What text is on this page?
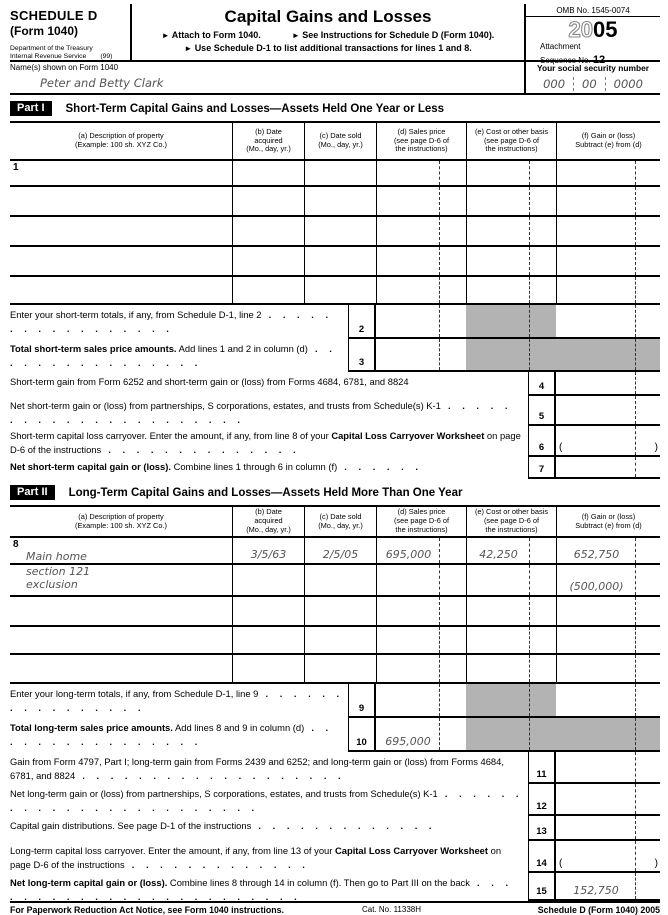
SCHEDULE D
(Form 1040)
Department of the Treasury
Internal Revenue Service (99)
Capital Gains and Losses
► Attach to Form 1040.	► See Instructions for Schedule D (Form 1040).
► Use Schedule D-1 to list additional transactions for lines 1 and 8.
OMB No. 1545-0074
2005
Attachment
Sequence No. 12
Name(s) shown on Form 1040
Peter and Betty Clark
Your social security number
000	00	0000
Part I	Short-Term Capital Gains and Losses—Assets Held One Year or Less
(a) Description of property
(Example: 100 sh. XYZ Co.)
(b) Date
acquired
(Mo., day, yr.)
(c) Date sold
(Mo., day, yr.)
(d) Sales price
(see page D-6 of
the instructions)
(e) Cost or other basis
(see page D-6 of
the instructions)
(f) Gain or (loss)
Subtract (e) from (d)
1
Enter your short-term totals, if any, from Schedule D-1, line 2 . . . . . . . . . . . . . . . . .	2
Total short-term sales price amounts. Add lines 1 and 2 in column (d) . . . . . . . . . . . . . . . .	3
Short-term gain from Form 6252 and short-term gain or (loss) from Forms 4684, 6781, and 8824	4
Net short-term gain or (loss) from partnerships, S corporations, estates, and trusts from Schedule(s) K-1 . . . . . . . . . . . . . . . . . . . . . .	5
Short-term capital loss carryover. Enter the amount, if any, from line 8 of your Capital Loss Carryover Worksheet on page D-6 of the instructions . . . . . . . . . . . . . .	6	(	)
Net short-term capital gain or (loss). Combine lines 1 through 6 in column (f) . . . . . .	7
Part II	Long-Term Capital Gains and Losses—Assets Held More Than One Year
(a) Description of property
(Example: 100 sh. XYZ Co.)
(b) Date
acquired
(Mo., day, yr.)
(c) Date sold
(Mo., day, yr.)
(d) Sales price
(see page D-6 of
the instructions)
(e) Cost or other basis
(see page D-6 of
the instructions)
(f) Gain or (loss)
Subtract (e) from (d)
8
Main home	3/5/63	2/5/05	695,000	42,250	652,750
section 121
exclusion	(500,000)
Enter your long-term totals, if any, from Schedule D-1, line 9 . . . . . . . . . . . . . . . .	9
Total long-term sales price amounts. Add lines 8 and 9 in column (d) . . . . . . . . . . . . . . . .	10	695,000
Gain from Form 4797, Part I; long-term gain from Forms 2439 and 6252; and long-term gain or (loss) from Forms 4684, 6781, and 8824 . . . . . . . . . . . . . . . . . . .	11
Net long-term gain or (loss) from partnerships, S corporations, estates, and trusts from Schedule(s) K-1 . . . . . . . . . . . . . . . . . . . . . . . .	12
Capital gain distributions. See page D-1 of the instructions . . . . . . . . . . . . .
13
Long-term capital loss carryover. Enter the amount, if any, from line 13 of your Capital Loss Carryover Worksheet on page D-6 of the instructions . . . . . . . . . . . . .	14	(	)
Net long-term capital gain or (loss). Combine lines 8 through 14 in column (f). Then go to Part III on the back . . . . . . . . . . . . . . . . . . . . . . . .	15	152,750
For Paperwork Reduction Act Notice, see Form 1040 instructions.	Cat. No. 11338H	Schedule D (Form 1040) 2005
